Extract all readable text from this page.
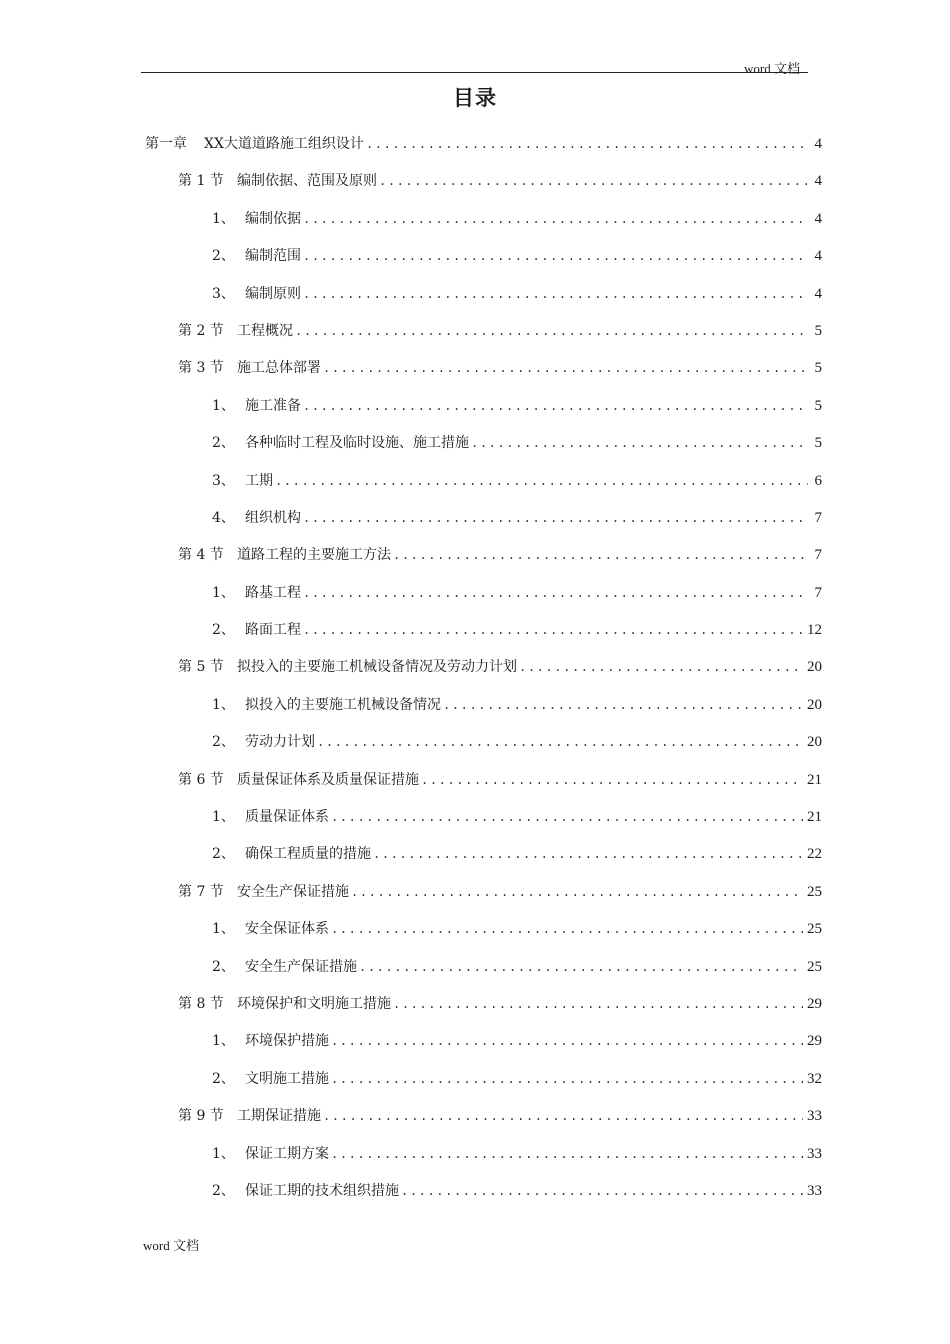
word 文档
目录
第一章	XX大道道路施工组织设计 .....	4
第 1 节 编制依据、范围及原则 .....	4
1、 编制依据 .....	4
2、 编制范围 .....	4
3、 编制原则 .....	4
第 2 节 工程概况 .....	5
第 3 节 施工总体部署 .....	5
1、 施工准备 .....	5
2、 各种临时工程及临时设施、施工措施 .....	5
3、 工期 .....	6
4、 组织机构 .....	7
第 4 节 道路工程的主要施工方法 .....	7
1、 路基工程 .....	7
2、 路面工程 .....	12
第 5 节 拟投入的主要施工机械设备情况及劳动力计划 .....	20
1、 拟投入的主要施工机械设备情况 .....	20
2、 劳动力计划 .....	20
第 6 节 质量保证体系及质量保证措施 .....	21
1、 质量保证体系 .....	21
2、 确保工程质量的措施 .....	22
第 7 节 安全生产保证措施 .....	25
1、 安全保证体系 .....	25
2、 安全生产保证措施 .....	25
第 8 节 环境保护和文明施工措施 .....	29
1、 环境保护措施 .....	29
2、 文明施工措施 .....	32
第 9 节 工期保证措施 .....	33
1、 保证工期方案 .....	33
2、 保证工期的技术组织措施 .....	33
word 文档
